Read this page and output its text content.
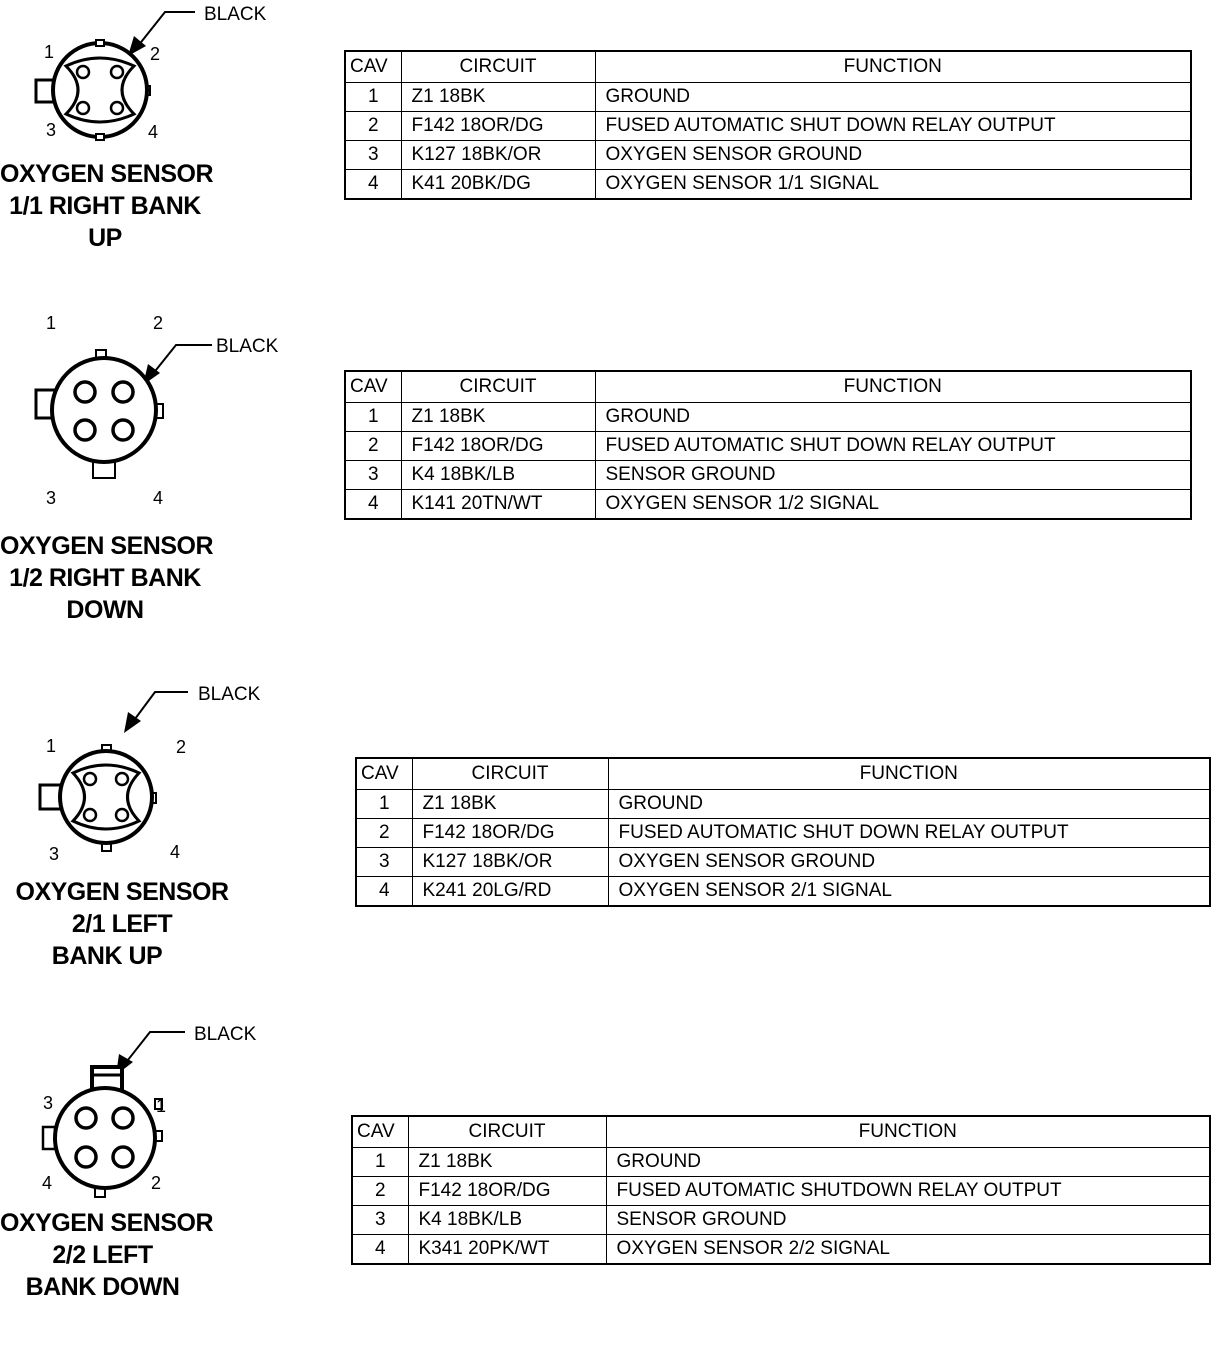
BLACK
1	2
3	4
OXYGEN SENSOR
1/1 RIGHT BANK
UP
CAV	CIRCUIT	FUNCTION
1	Z1 18BK	GROUND
2	F142 18OR/DG	FUSED AUTOMATIC SHUT DOWN RELAY OUTPUT
3	K127 18BK/OR	OXYGEN SENSOR GROUND
4	K41 20BK/DG	OXYGEN SENSOR 1/1 SIGNAL
BLACK
1	2
3	4
OXYGEN SENSOR
1/2 RIGHT BANK
DOWN
CAV	CIRCUIT	FUNCTION
1	Z1 18BK	GROUND
2	F142 18OR/DG	FUSED AUTOMATIC SHUT DOWN RELAY OUTPUT
3	K4 18BK/LB	SENSOR GROUND
4	K141 20TN/WT	OXYGEN SENSOR 1/2 SIGNAL
BLACK
1	2
3	4
OXYGEN SENSOR
2/1 LEFT
BANK UP
CAV	CIRCUIT	FUNCTION
1	Z1 18BK	GROUND
2	F142 18OR/DG	FUSED AUTOMATIC SHUT DOWN RELAY OUTPUT
3	K127 18BK/OR	OXYGEN SENSOR GROUND
4	K241 20LG/RD	OXYGEN SENSOR 2/1 SIGNAL
BLACK
3	1
4	2
OXYGEN SENSOR
2/2 LEFT
BANK DOWN
CAV	CIRCUIT	FUNCTION
1	Z1 18BK	GROUND
2	F142 18OR/DG	FUSED AUTOMATIC SHUTDOWN RELAY OUTPUT
3	K4 18BK/LB	SENSOR GROUND
4	K341 20PK/WT	OXYGEN SENSOR 2/2 SIGNAL
